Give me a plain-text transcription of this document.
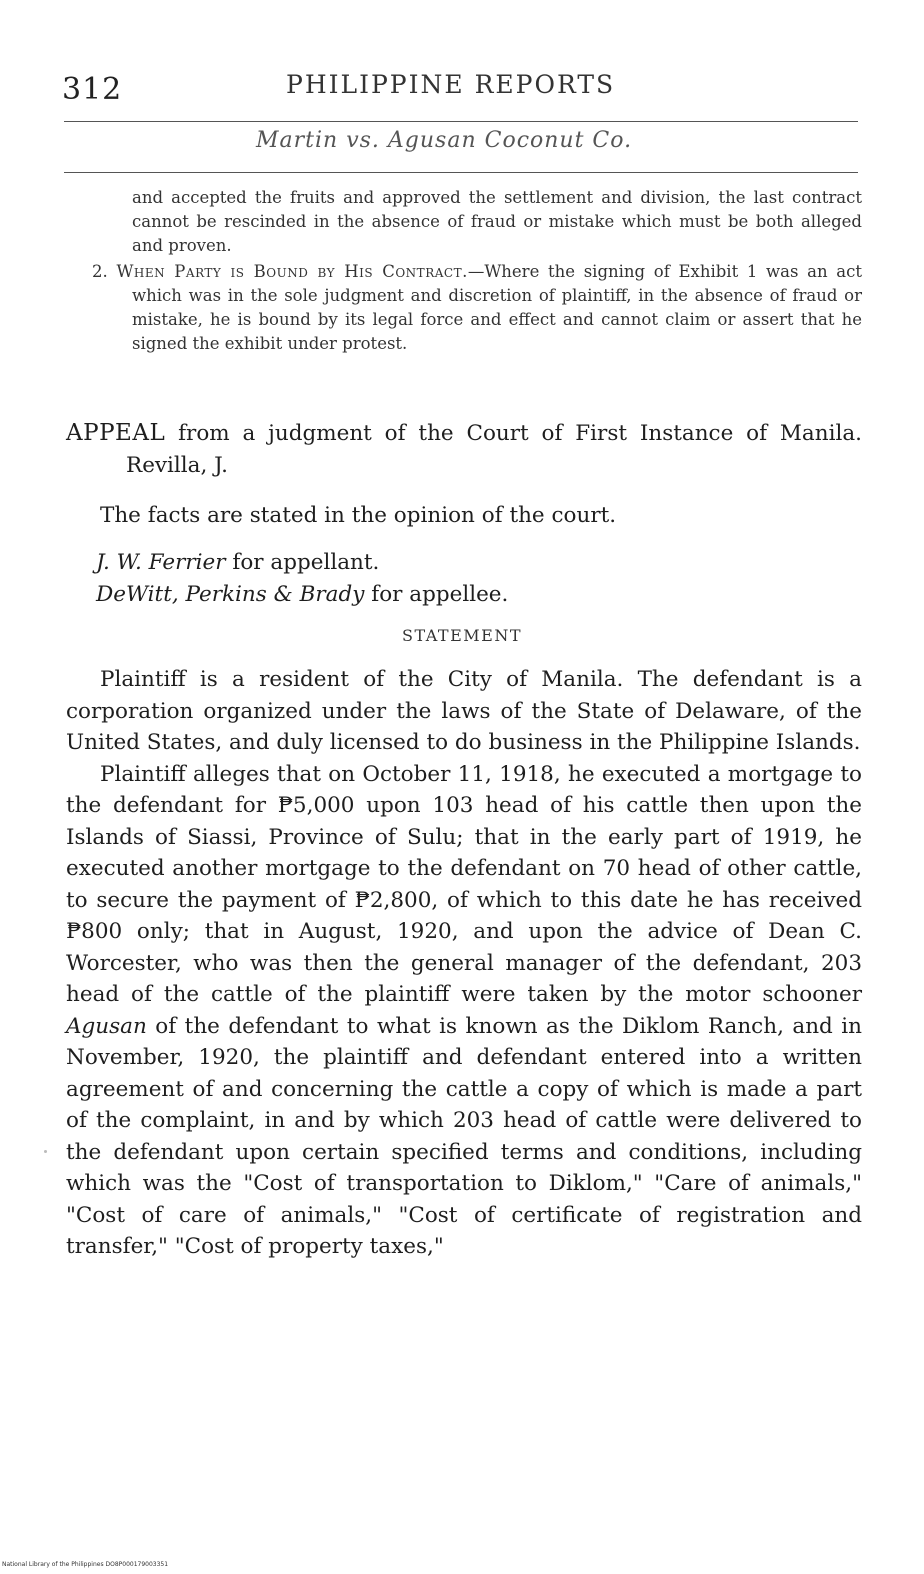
312	PHILIPPINE REPORTS
Martin vs. Agusan Coconut Co.

and accepted the fruits and approved the settlement and division, the last contract cannot be rescinded in the absence of fraud or mistake which must be both alleged and proven.

2. When Party is Bound by His Contract.—Where the signing of Exhibit 1 was an act which was in the sole judgment and discretion of plaintiff, in the absence of fraud or mistake, he is bound by its legal force and effect and cannot claim or assert that he signed the exhibit under protest.

APPEAL from a judgment of the Court of First Instance of Manila. Revilla, J.

The facts are stated in the opinion of the court.

J. W. Ferrier for appellant.

DeWitt, Perkins & Brady for appellee.

STATEMENT

Plaintiff is a resident of the City of Manila. The defendant is a corporation organized under the laws of the State of Delaware, of the United States, and duly licensed to do business in the Philippine Islands.

Plaintiff alleges that on October 11, 1918, he executed a mortgage to the defendant for ₱5,000 upon 103 head of his cattle then upon the Islands of Siassi, Province of Sulu; that in the early part of 1919, he executed another mortgage to the defendant on 70 head of other cattle, to secure the payment of ₱2,800, of which to this date he has received ₱800 only; that in August, 1920, and upon the advice of Dean C. Worcester, who was then the general manager of the defendant, 203 head of the cattle of the plaintiff were taken by the motor schooner Agusan of the defendant to what is known as the Diklom Ranch, and in November, 1920, the plaintiff and defendant entered into a written agreement of and concerning the cattle a copy of which is made a part of the complaint, in and by which 203 head of cattle were delivered to the defendant upon certain specified terms and conditions, including which was the "Cost of transportation to Diklom," "Care of animals," "Cost of care of animals," "Cost of certificate of registration and transfer," "Cost of property taxes,"

National Library of the Philippines DO8P000179003351
